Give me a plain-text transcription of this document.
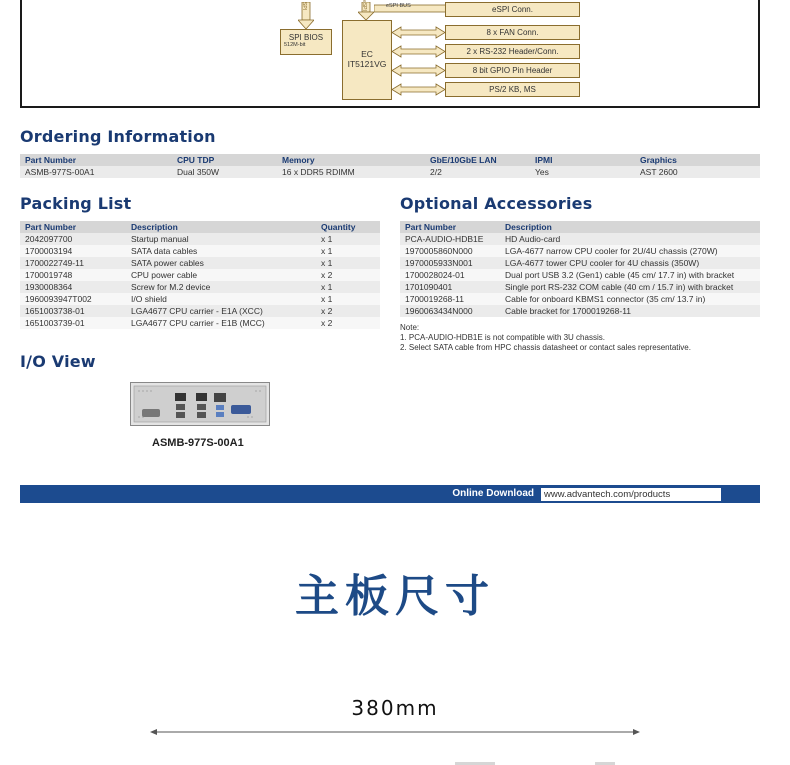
SPI BIOS
512M-bit
SPI
EC
IT5121VG
eSPI	eSPI BUS	eSPI Conn.
8 x FAN Conn.
2 x RS-232 Header/Conn.
8 bit GPIO Pin Header
PS/2 KB, MS
Ordering Information
Part Number	CPU TDP	Memory	GbE/10GbE LAN	IPMI	Graphics
ASMB-977S-00A1	Dual 350W	16 x DDR5 RDIMM	2/2	Yes	AST 2600
Packing List
Part Number	Description	Quantity
2042097700	Startup manual	x 1
1700003194	SATA data cables	x 1
1700022749-11	SATA power cables	x 1
1700019748	CPU power cable	x 2
1930008364	Screw for M.2 device	x 1
1960093947T002	I/O shield	x 1
1651003738-01	LGA4677 CPU carrier - E1A (XCC)	x 2
1651003739-01	LGA4677 CPU carrier - E1B (MCC)	x 2
Optional Accessories
Part Number	Description
PCA-AUDIO-HDB1E	HD Audio-card
1970005860N000	LGA-4677 narrow CPU cooler for 2U/4U chassis (270W)
1970005933N001	LGA-4677 tower CPU cooler for 4U chassis (350W)
1700028024-01	Dual port USB 3.2 (Gen1) cable (45 cm/ 17.7 in) with bracket
1701090401	Single port RS-232 COM cable (40 cm / 15.7 in) with bracket
1700019268-11	Cable for onboard KBMS1 connector (35 cm/ 13.7 in)
1960063434N000	Cable bracket for 1700019268-11
Note:
1. PCA-AUDIO-HDB1E is not compatible with 3U chassis.
2. Select SATA cable from HPC chassis datasheet or contact sales representative.
I/O View
ASMB-977S-00A1
Online Download	www.advantech.com/products
主板尺寸
380mm
